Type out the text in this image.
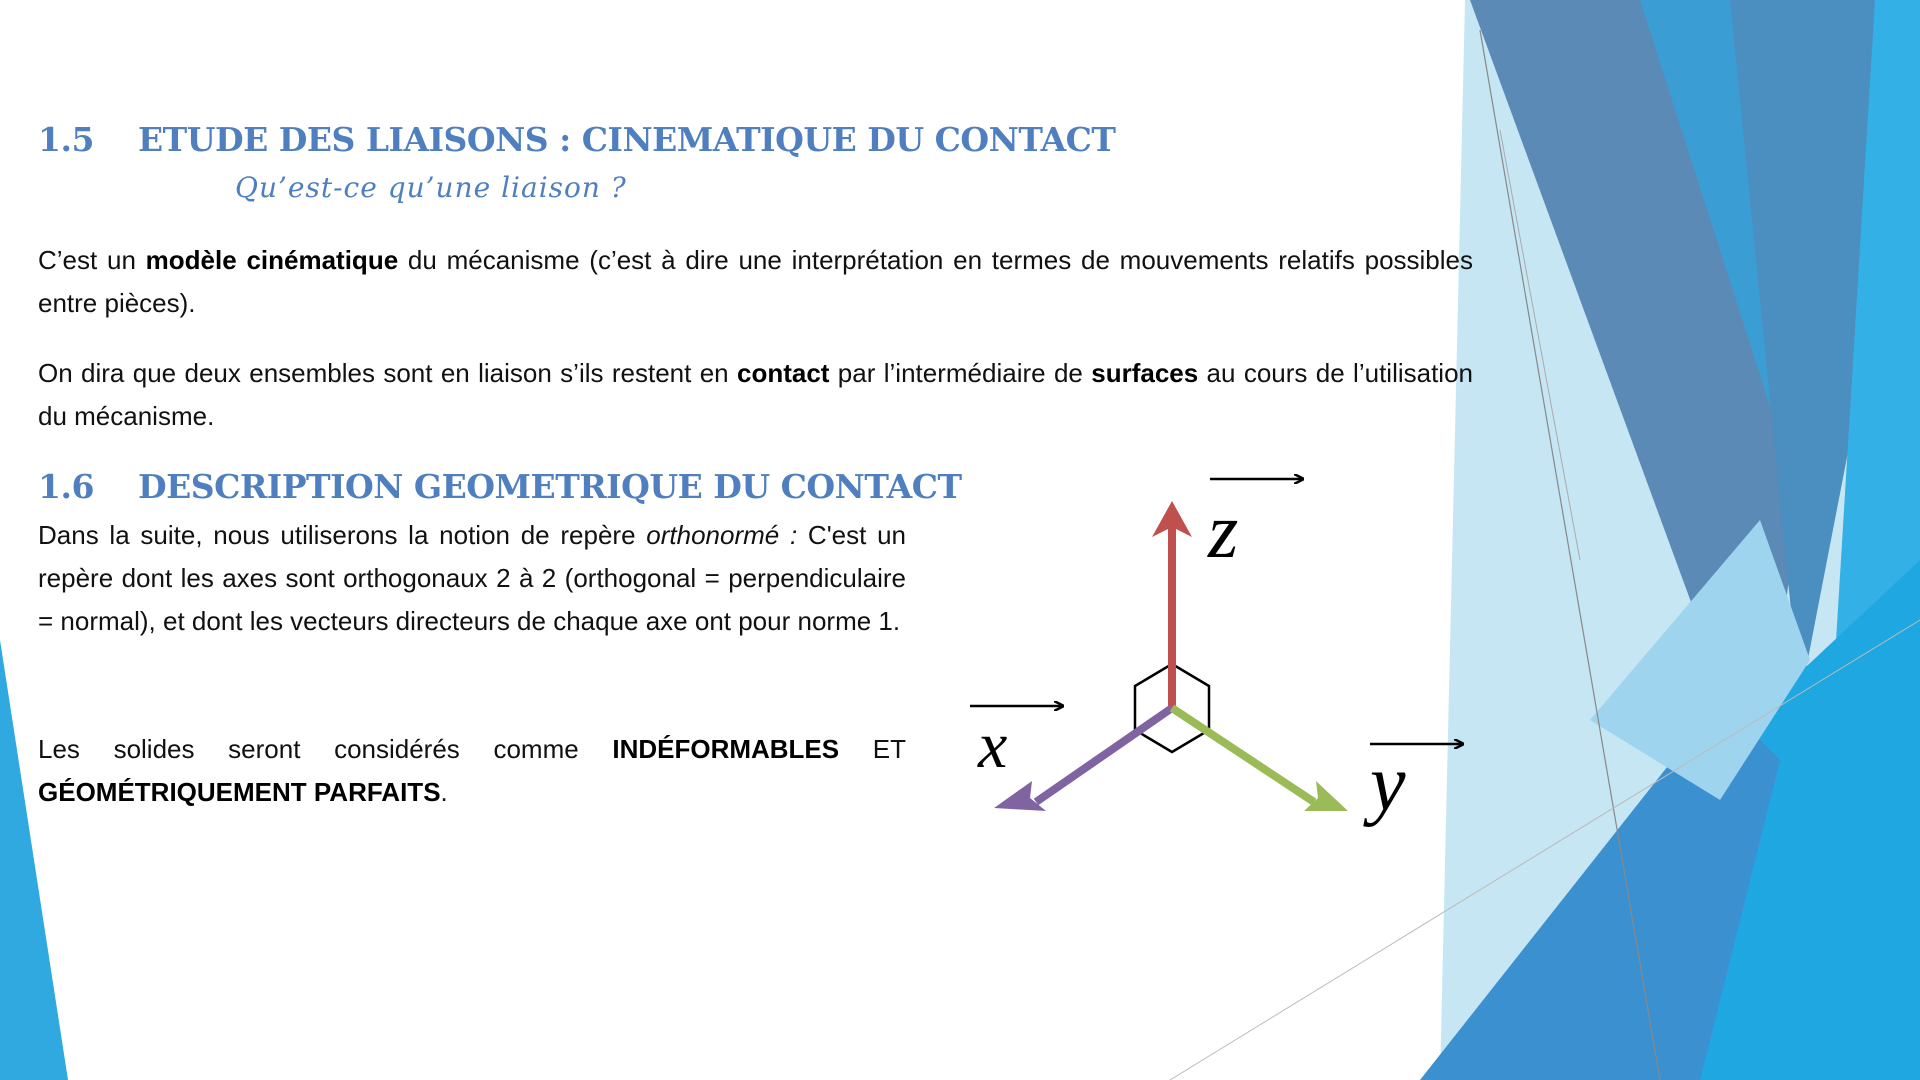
1.5 ETUDE DES LIAISONS : CINEMATIQUE DU CONTACT
Qu’est-ce qu’une liaison ?
C’est un modèle cinématique du mécanisme (c’est à dire une interprétation en termes de mouvements relatifs possibles entre pièces).
On dira que deux ensembles sont en liaison s’ils restent en contact par l’intermédiaire de surfaces au cours de l’utilisation du mécanisme.
1.6 DESCRIPTION GEOMETRIQUE DU CONTACT
Dans la suite, nous utiliserons la notion de repère orthonormé : C'est un repère dont les axes sont orthogonaux 2 à 2 (orthogonal = perpendiculaire = normal), et dont les vecteurs directeurs de chaque axe ont pour norme 1.
Les solides seront considérés comme INDÉFORMABLES ET GÉOMÉTRIQUEMENT PARFAITS.
z
x	y
